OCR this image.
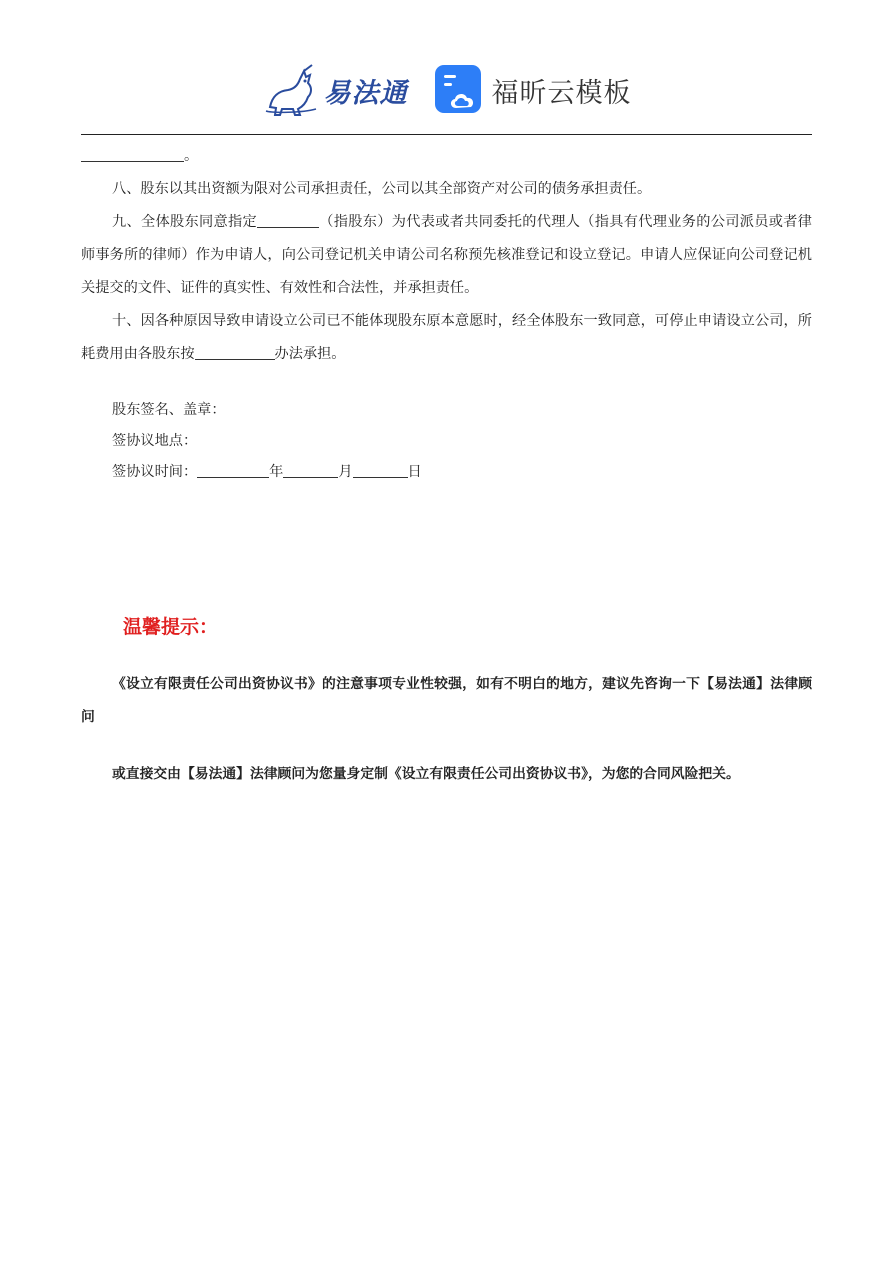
易法通	福昕云模板

。

八、股东以其出资额为限对公司承担责任，公司以其全部资产对公司的债务承担责任。

九、全体股东同意指定	（指股东）为代表或者共同委托的代理人（指具有代理业务的公司派员或者律师事务所的律师）作为申请人，向公司登记机关申请公司名称预先核准登记和设立登记。申请人应保证向公司登记机关提交的文件、证件的真实性、有效性和合法性，并承担责任。

十、因各种原因导致申请设立公司已不能体现股东原本意愿时，经全体股东一致同意，可停止申请设立公司，所耗费用由各股东按	办法承担。

股东签名、盖章：

签协议地点：

签协议时间：	年	月	日

温馨提示：
《设立有限责任公司出资协议书》的注意事项专业性较强，如有不明白的地方，建议先咨询一下【易法通】法律顾问
或直接交由【易法通】法律顾问为您量身定制《设立有限责任公司出资协议书》，为您的合同风险把关。
